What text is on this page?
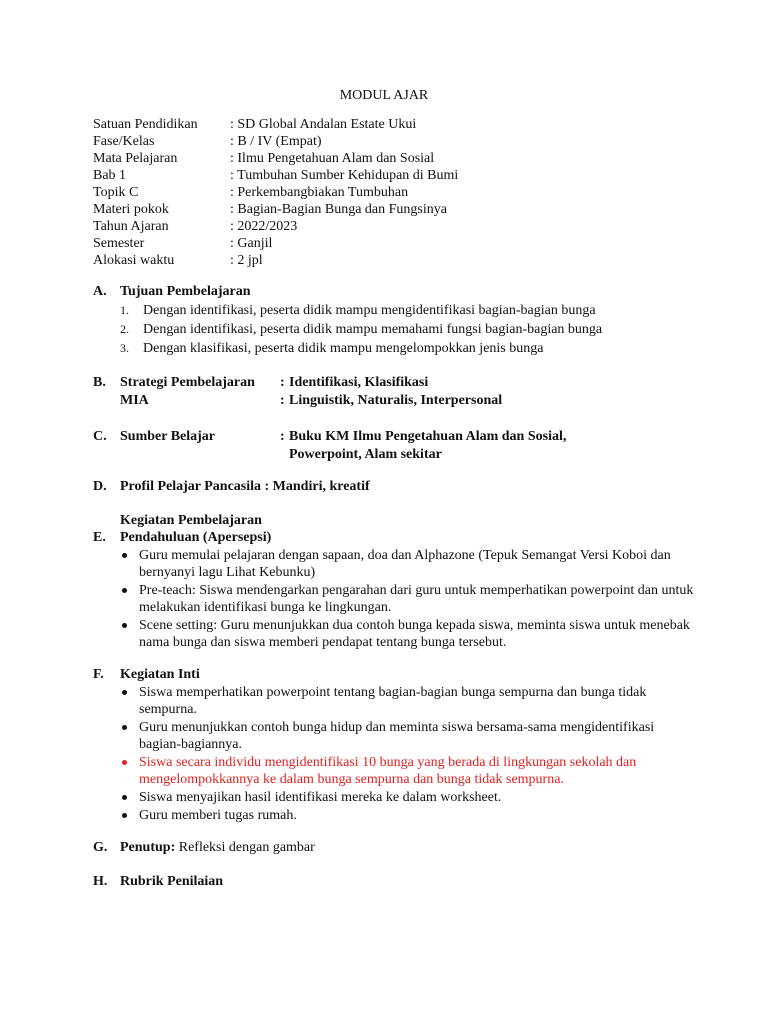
MODUL AJAR
Satuan Pendidikan	: SD Global Andalan Estate Ukui
Fase/Kelas	: B / IV (Empat)
Mata Pelajaran	: Ilmu Pengetahuan Alam dan Sosial
Bab 1	: Tumbuhan Sumber Kehidupan di Bumi
Topik C	: Perkembangbiakan Tumbuhan
Materi pokok	: Bagian-Bagian Bunga dan Fungsinya
Tahun Ajaran	: 2022/2023
Semester	: Ganjil
Alokasi waktu	: 2 jpl
A. Tujuan Pembelajaran
1. Dengan identifikasi, peserta didik mampu mengidentifikasi bagian-bagian bunga
2. Dengan identifikasi, peserta didik mampu memahami fungsi bagian-bagian bunga
3. Dengan klasifikasi, peserta didik mampu mengelompokkan jenis bunga
B. Strategi Pembelajaran	: Identifikasi, Klasifikasi
MIA	: Linguistik, Naturalis, Interpersonal
C. Sumber Belajar	: Buku KM Ilmu Pengetahuan Alam dan Sosial,
Powerpoint, Alam sekitar
D. Profil Pelajar Pancasila : Mandiri, kreatif
Kegiatan Pembelajaran
E. Pendahuluan (Apersepsi)
Guru memulai pelajaran dengan sapaan, doa dan Alphazone (Tepuk Semangat Versi Koboi dan bernyanyi lagu Lihat Kebunku)
Pre-teach: Siswa mendengarkan pengarahan dari guru untuk memperhatikan powerpoint dan untuk melakukan identifikasi bunga ke lingkungan.
Scene setting: Guru menunjukkan dua contoh bunga kepada siswa, meminta siswa untuk menebak nama bunga dan siswa memberi pendapat tentang bunga tersebut.
F. Kegiatan Inti
Siswa memperhatikan powerpoint tentang bagian-bagian bunga sempurna dan bunga tidak sempurna.
Guru menunjukkan contoh bunga hidup dan meminta siswa bersama-sama mengidentifikasi bagian-bagiannya.
Siswa secara individu mengidentifikasi 10 bunga yang berada di lingkungan sekolah dan mengelompokkannya ke dalam bunga sempurna dan bunga tidak sempurna.
Siswa menyajikan hasil identifikasi mereka ke dalam worksheet.
Guru memberi tugas rumah.
G. Penutup: Refleksi dengan gambar
H. Rubrik Penilaian
